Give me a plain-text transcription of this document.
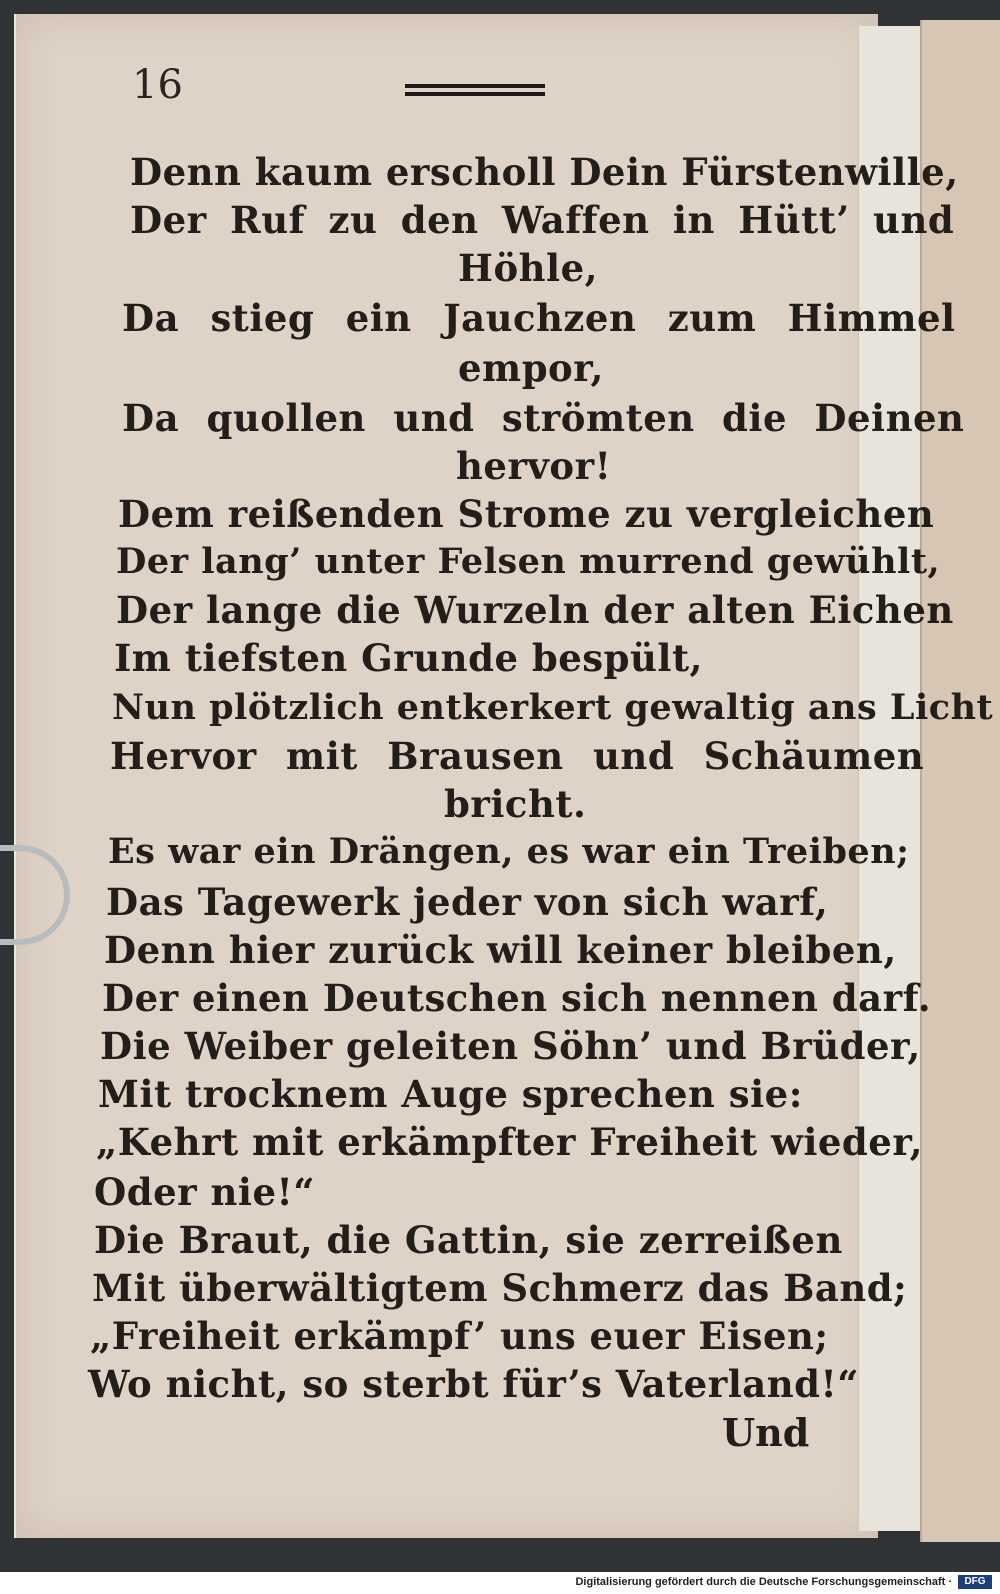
16
Denn kaum erscholl Dein Fürstenwille,
Der Ruf zu den Waffen in Hütt’ und
Höhle,
Da stieg ein Jauchzen zum Himmel
empor,
Da quollen und strömten die Deinen
hervor!
Dem reißenden Strome zu vergleichen
Der lang’ unter Felsen murrend gewühlt,
Der lange die Wurzeln der alten Eichen
Im tiefsten Grunde bespült,
Nun plötzlich entkerkert gewaltig ans Licht
Hervor mit Brausen und Schäumen
bricht.
Es war ein Drängen, es war ein Treiben;
Das Tagewerk jeder von sich warf,
Denn hier zurück will keiner bleiben,
Der einen Deutschen sich nennen darf.
Die Weiber geleiten Söhn’ und Brüder,
Mit trocknem Auge sprechen sie:
„Kehrt mit erkämpfter Freiheit wieder,
Oder nie!“
Die Braut, die Gattin, sie zerreißen
Mit überwältigtem Schmerz das Band;
„Freiheit erkämpf’ uns euer Eisen;
Wo nicht, so sterbt für’s Vaterland!“
Und
Digitalisierung gefördert durch die Deutsche Forschungsgemeinschaft ·	DFG
